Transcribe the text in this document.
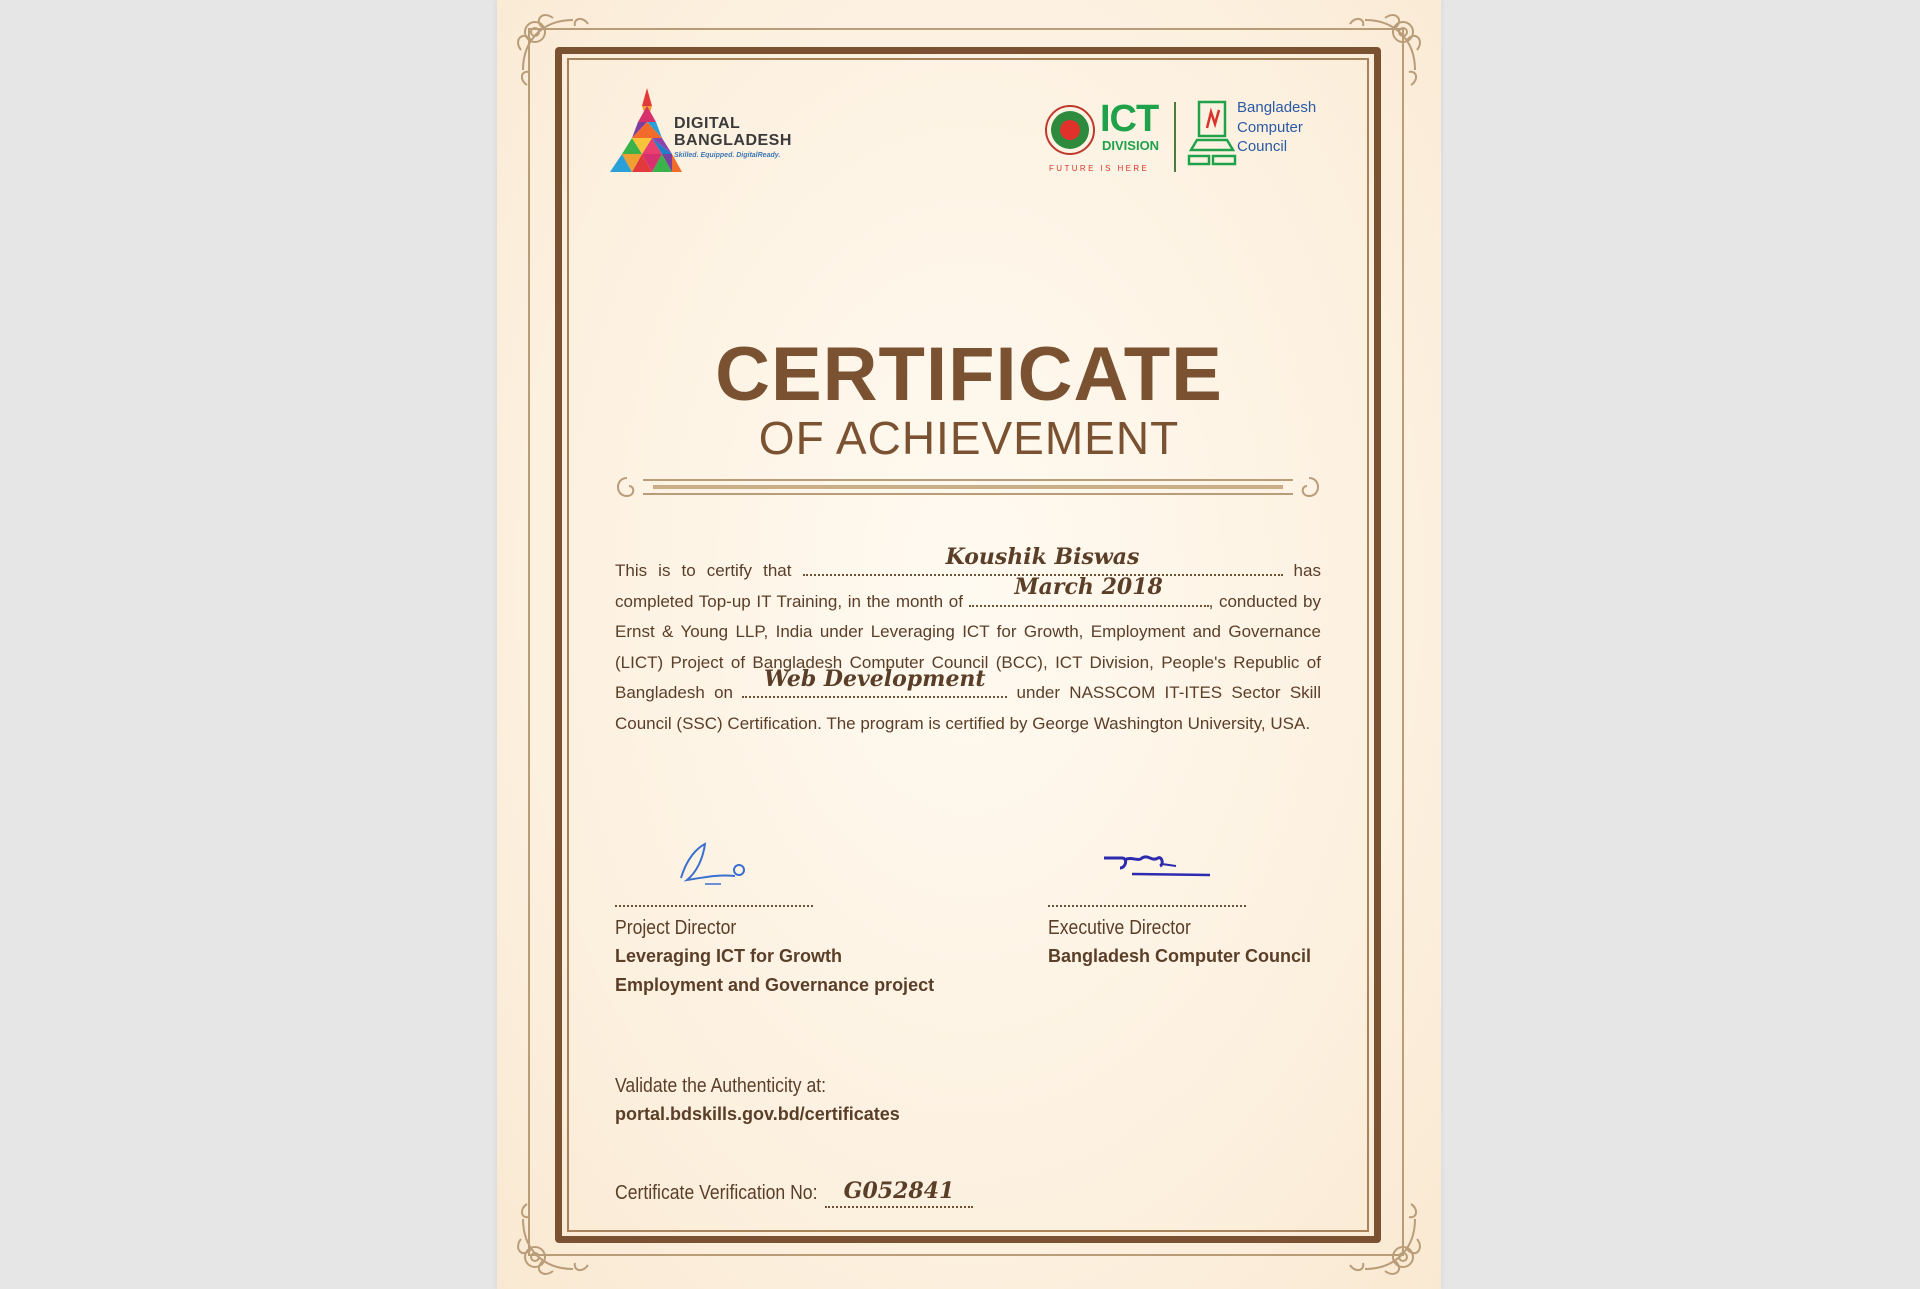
DIGITAL
BANGLADESH
Skilled. Equipped. DigitalReady.
ICT
DIVISION
FUTURE IS HERE
Bangladesh
Computer
Council
CERTIFICATE
OF ACHIEVEMENT
This is to certify that
Koushik Biswas
has completed Top-up IT Training, in the month of
March 2018
, conducted by Ernst & Young LLP, India under Leveraging ICT for Growth, Employment and Governance (LICT) Project of Bangladesh Computer Council (BCC), ICT Division, People's Republic of Bangladesh on
Web Development
under NASSCOM IT-ITES Sector Skill Council (SSC) Certification. The program is certified by George Washington University, USA.
Project Director
Leveraging ICT for Growth
Employment and Governance project
Executive Director
Bangladesh Computer Council
Validate the Authenticity at:
portal.bdskills.gov.bd/certificates
Certificate Verification No:	G052841
